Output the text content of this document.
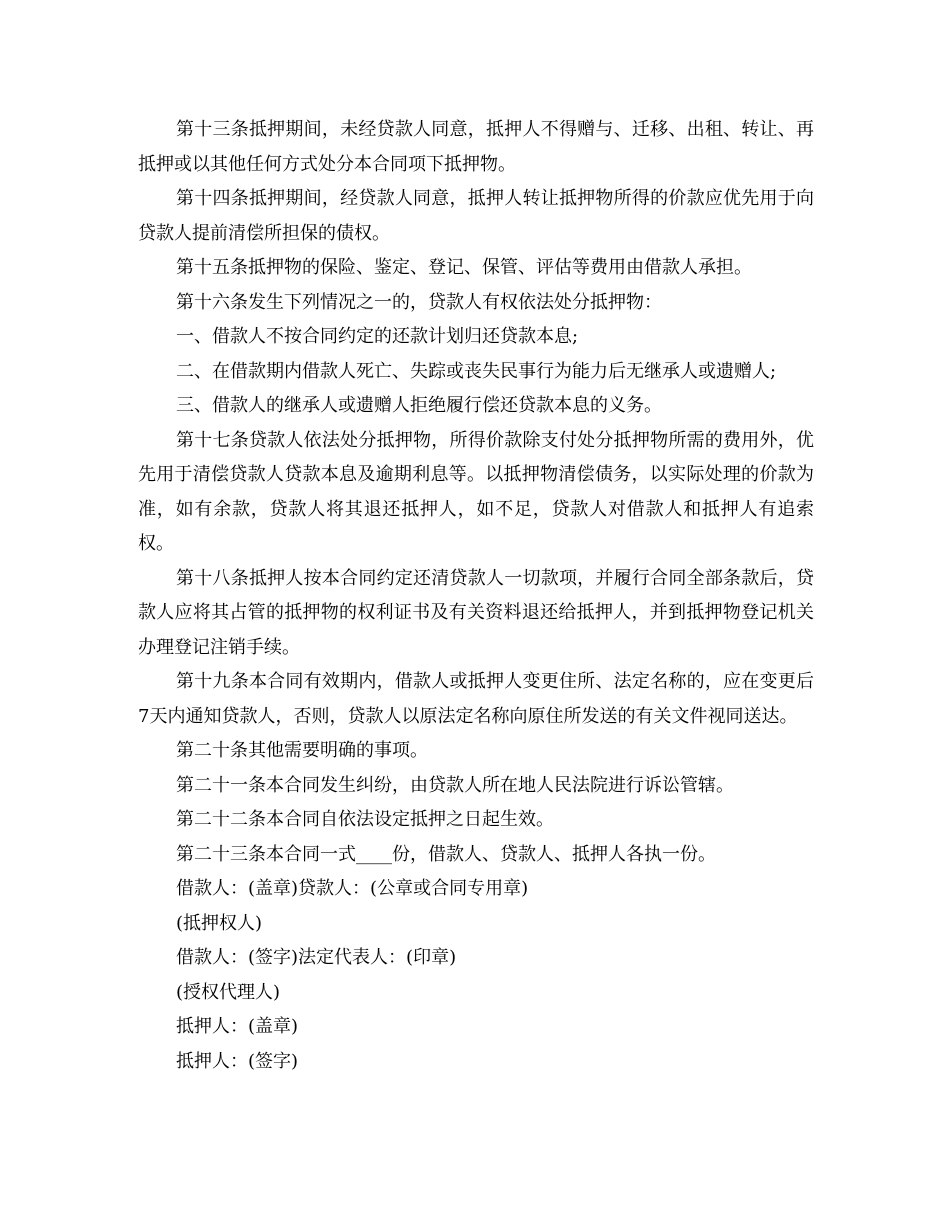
第十三条抵押期间，未经贷款人同意，抵押人不得赠与、迁移、出租、转让、再抵押或以其他任何方式处分本合同项下抵押物。

第十四条抵押期间，经贷款人同意，抵押人转让抵押物所得的价款应优先用于向贷款人提前清偿所担保的债权。

第十五条抵押物的保险、鉴定、登记、保管、评估等费用由借款人承担。

第十六条发生下列情况之一的，贷款人有权依法处分抵押物：

一、借款人不按合同约定的还款计划归还贷款本息;

二、在借款期内借款人死亡、失踪或丧失民事行为能力后无继承人或遗赠人;

三、借款人的继承人或遗赠人拒绝履行偿还贷款本息的义务。

第十七条贷款人依法处分抵押物，所得价款除支付处分抵押物所需的费用外，优先用于清偿贷款人贷款本息及逾期利息等。以抵押物清偿债务，以实际处理的价款为准，如有余款，贷款人将其退还抵押人，如不足，贷款人对借款人和抵押人有追索权。

第十八条抵押人按本合同约定还清贷款人一切款项，并履行合同全部条款后，贷款人应将其占管的抵押物的权利证书及有关资料退还给抵押人，并到抵押物登记机关办理登记注销手续。

第十九条本合同有效期内，借款人或抵押人变更住所、法定名称的，应在变更后7天内通知贷款人，否则，贷款人以原法定名称向原住所发送的有关文件视同送达。

第二十条其他需要明确的事项。

第二十一条本合同发生纠纷，由贷款人所在地人民法院进行诉讼管辖。

第二十二条本合同自依法设定抵押之日起生效。

第二十三条本合同一式____份，借款人、贷款人、抵押人各执一份。

借款人：(盖章)贷款人：(公章或合同专用章)

(抵押权人)

借款人：(签字)法定代表人：(印章)

(授权代理人)

抵押人：(盖章)

抵押人：(签字)
